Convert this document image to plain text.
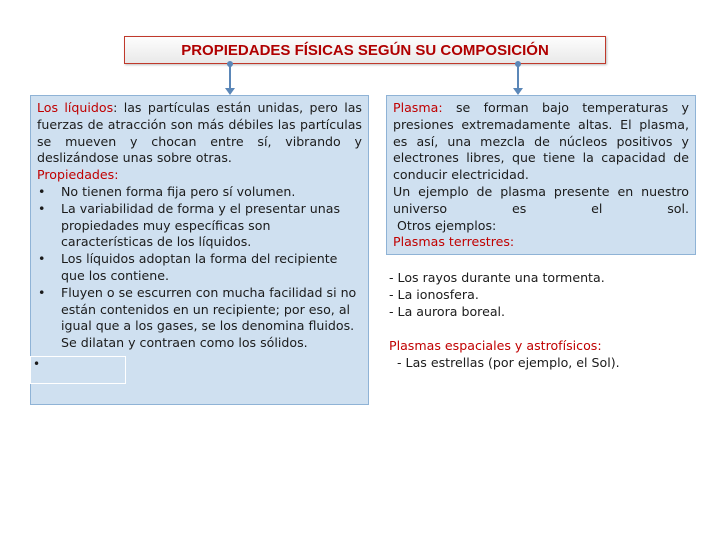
PROPIEDADES FÍSICAS SEGÚN SU COMPOSICIÓN
Los líquidos: las partículas están unidas, pero las fuerzas de atracción son más débiles las partículas se mueven y chocan entre sí, vibrando y deslizándose unas sobre otras.
Propiedades:
• No tienen forma fija pero sí volumen.
• La variabilidad de forma y el presentar unas propiedades muy específicas son características de los líquidos.
• Los líquidos adoptan la forma del recipiente que los contiene.
• Fluyen o se escurren con mucha facilidad si no están contenidos en un recipiente; por eso, al igual que a los gases, se los denomina fluidos.
Se dilatan y contraen como los sólidos.
•
Plasma: se forman bajo temperaturas y presiones extremadamente altas. El plasma, es así, una mezcla de núcleos positivos y electrones libres, que tiene la capacidad de conducir electricidad.
Un ejemplo de plasma presente en nuestro universo es el sol.
Otros ejemplos:
Plasmas terrestres:
- Los rayos durante una tormenta.
- La ionosfera.
- La aurora boreal.
Plasmas espaciales y astrofísicos:
- Las estrellas (por ejemplo, el Sol).
